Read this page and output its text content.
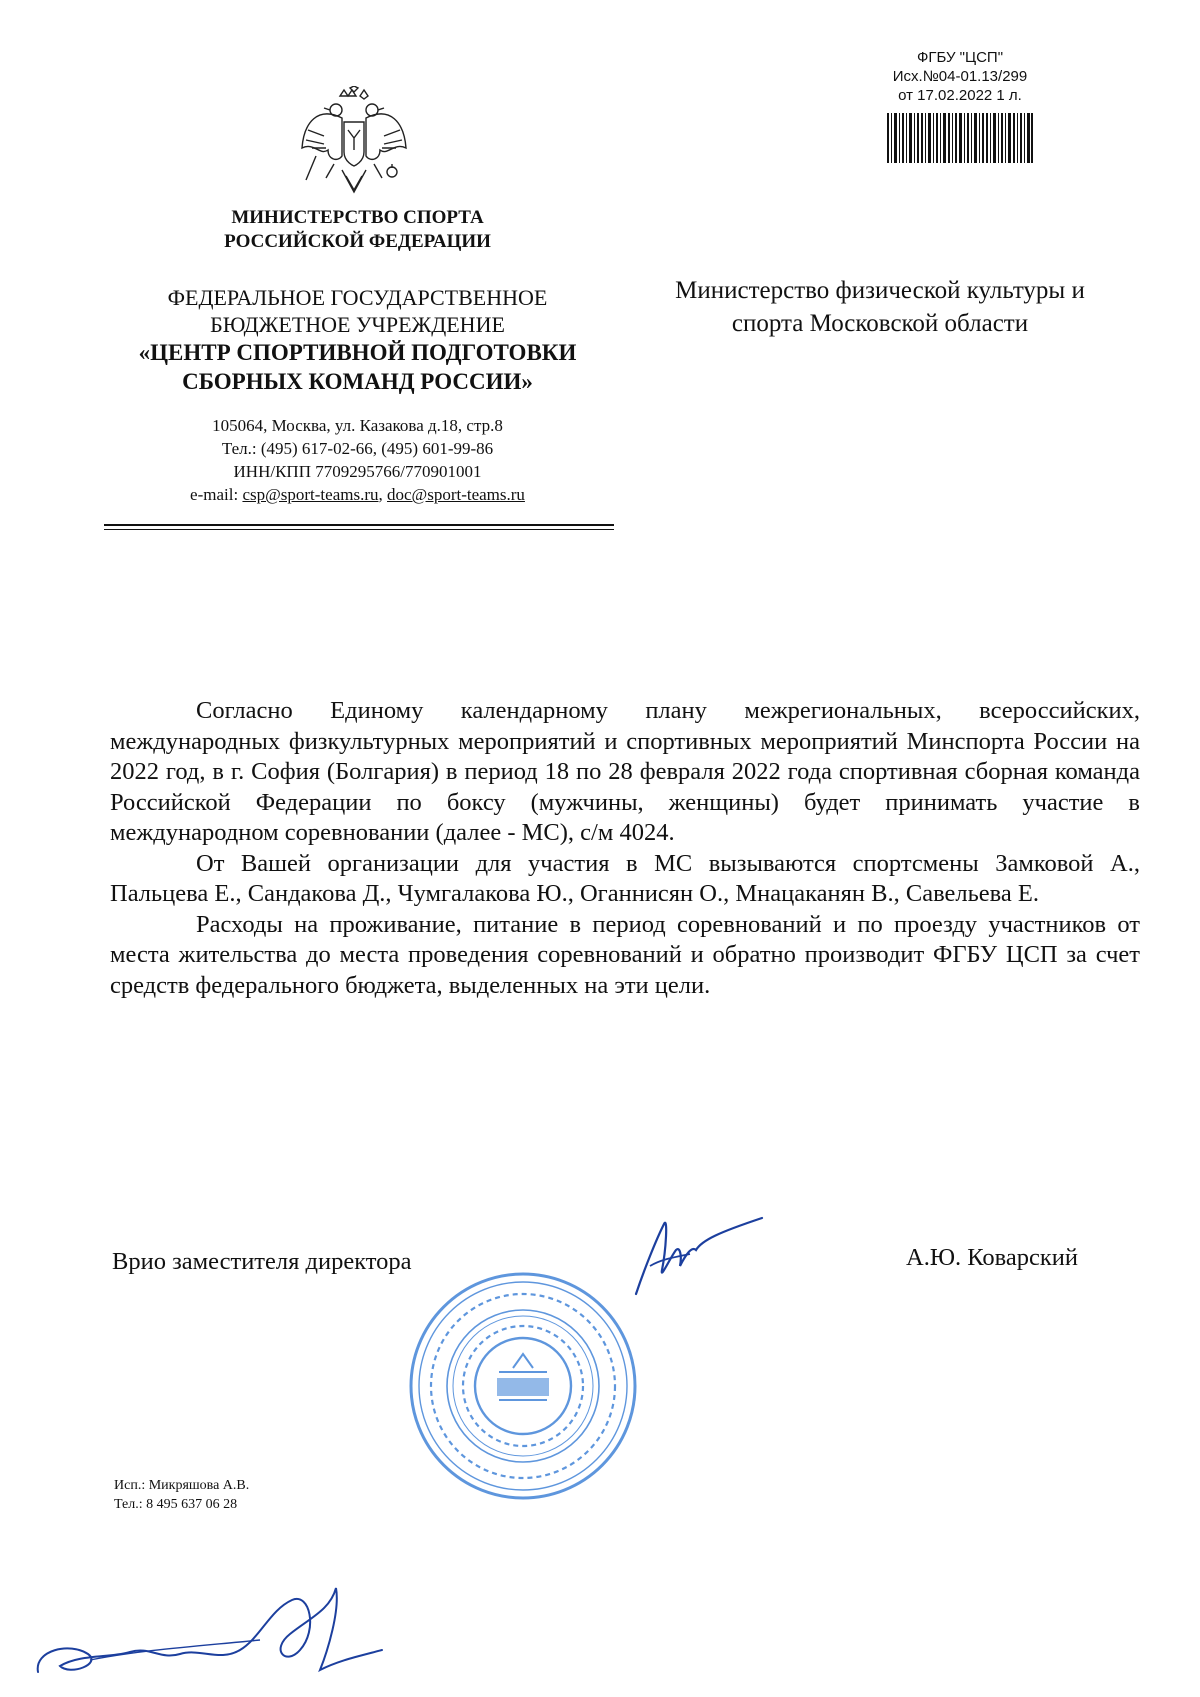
ФГБУ "ЦСП"
Исх.№04-01.13/299
от 17.02.2022 1 л.
МИНИСТЕРСТВО СПОРТА
РОССИЙСКОЙ ФЕДЕРАЦИИ
ФЕДЕРАЛЬНОЕ ГОСУДАРСТВЕННОЕ
БЮДЖЕТНОЕ УЧРЕЖДЕНИЕ
«ЦЕНТР СПОРТИВНОЙ ПОДГОТОВКИ
СБОРНЫХ КОМАНД РОССИИ»
105064, Москва, ул. Казакова д.18, стр.8
Тел.: (495) 617-02-66, (495) 601-99-86
ИНН/КПП 7709295766/770901001
e-mail: csp@sport-teams.ru, doc@sport-teams.ru
Министерство физической культуры и
спорта Московской области

Согласно Единому календарному плану межрегиональных, всероссийских, международных физкультурных мероприятий и спортивных мероприятий Минспорта России на 2022 год, в г. София (Болгария) в период 18 по 28 февраля 2022 года спортивная сборная команда Российской Федерации по боксу (мужчины, женщины) будет принимать участие в международном соревновании (далее - МС), с/м 4024.

От Вашей организации для участия в МС вызываются спортсмены Замковой А., Пальцева Е., Сандакова Д., Чумгалакова Ю., Оганнисян О., Мнацаканян В., Савельева Е.

Расходы на проживание, питание в период соревнований и по проезду участников от места жительства до места проведения соревнований и обратно производит ФГБУ ЦСП за счет средств федерального бюджета, выделенных на эти цели.

Врио заместителя директора	А.Ю. Коварский
Исп.: Микряшова А.В.
Тел.: 8 495 637 06 28
